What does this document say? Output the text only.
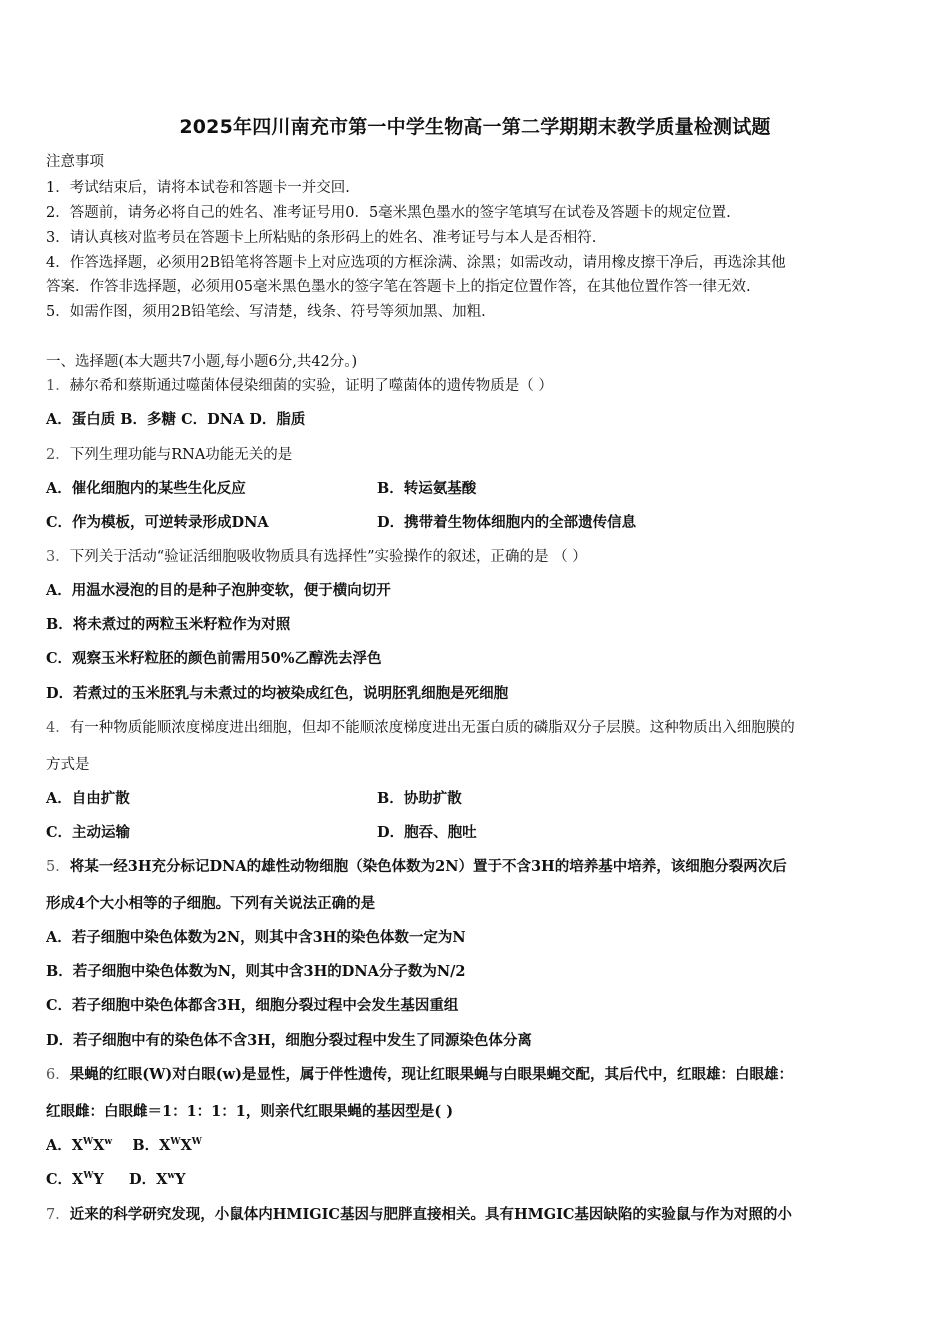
2025年四川南充市第一中学生物高一第二学期期末教学质量检测试题
注意事项
1．考试结束后，请将本试卷和答题卡一并交回.
2．答题前，请务必将自己的姓名、准考证号用0．5毫米黑色墨水的签字笔填写在试卷及答题卡的规定位置.
3．请认真核对监考员在答题卡上所粘贴的条形码上的姓名、准考证号与本人是否相符.
4．作答选择题，必须用2B铅笔将答题卡上对应选项的方框涂满、涂黑；如需改动，请用橡皮擦干净后，再选涂其他
答案．作答非选择题，必须用05毫米黑色墨水的签字笔在答题卡上的指定位置作答，在其他位置作答一律无效.
5．如需作图，须用2B铅笔绘、写清楚，线条、符号等须加黑、加粗.
一、选择题(本大题共7小题,每小题6分,共42分。)
1．赫尔希和蔡斯通过噬菌体侵染细菌的实验，证明了噬菌体的遗传物质是（ ）
A．蛋白质 B．多糖 C．DNA D．脂质
2．下列生理功能与RNA功能无关的是
A．催化细胞内的某些生化反应	B．转运氨基酸
C．作为模板，可逆转录形成DNA	D．携带着生物体细胞内的全部遗传信息
3．下列关于活动“验证活细胞吸收物质具有选择性”实验操作的叙述，正确的是 （ ）
A．用温水浸泡的目的是种子泡肿变软，便于横向切开
B．将未煮过的两粒玉米籽粒作为对照
C．观察玉米籽粒胚的颜色前需用50%乙醇洗去浮色
D．若煮过的玉米胚乳与未煮过的均被染成红色，说明胚乳细胞是死细胞
4．有一种物质能顺浓度梯度进出细胞，但却不能顺浓度梯度进出无蛋白质的磷脂双分子层膜。这种物质出入细胞膜的
方式是
A．自由扩散	B．协助扩散
C．主动运输	D．胞吞、胞吐
5．将某一经3H充分标记DNA的雄性动物细胞（染色体数为2N）置于不含3H的培养基中培养，该细胞分裂两次后
形成4个大小相等的子细胞。下列有关说法正确的是
A．若子细胞中染色体数为2N，则其中含3H的染色体数一定为N
B．若子细胞中染色体数为N，则其中含3H的DNA分子数为N/2
C．若子细胞中染色体都含3H，细胞分裂过程中会发生基因重组
D．若子细胞中有的染色体不含3H，细胞分裂过程中发生了同源染色体分离
6．果蝇的红眼(W)对白眼(w)是显性，属于伴性遗传，现让红眼果蝇与白眼果蝇交配，其后代中，红眼雄：白眼雄：
红眼雌：白眼雌＝1：1：1：1，则亲代红眼果蝇的基因型是( )
A．$X^WX^w$ B．$X^WX^W$
C．$X^WY$ D．$X^wY$
7．近来的科学研究发现，小鼠体内HMIGIC基因与肥胖直接相关。具有HMGIC基因缺陷的实验鼠与作为对照的小
